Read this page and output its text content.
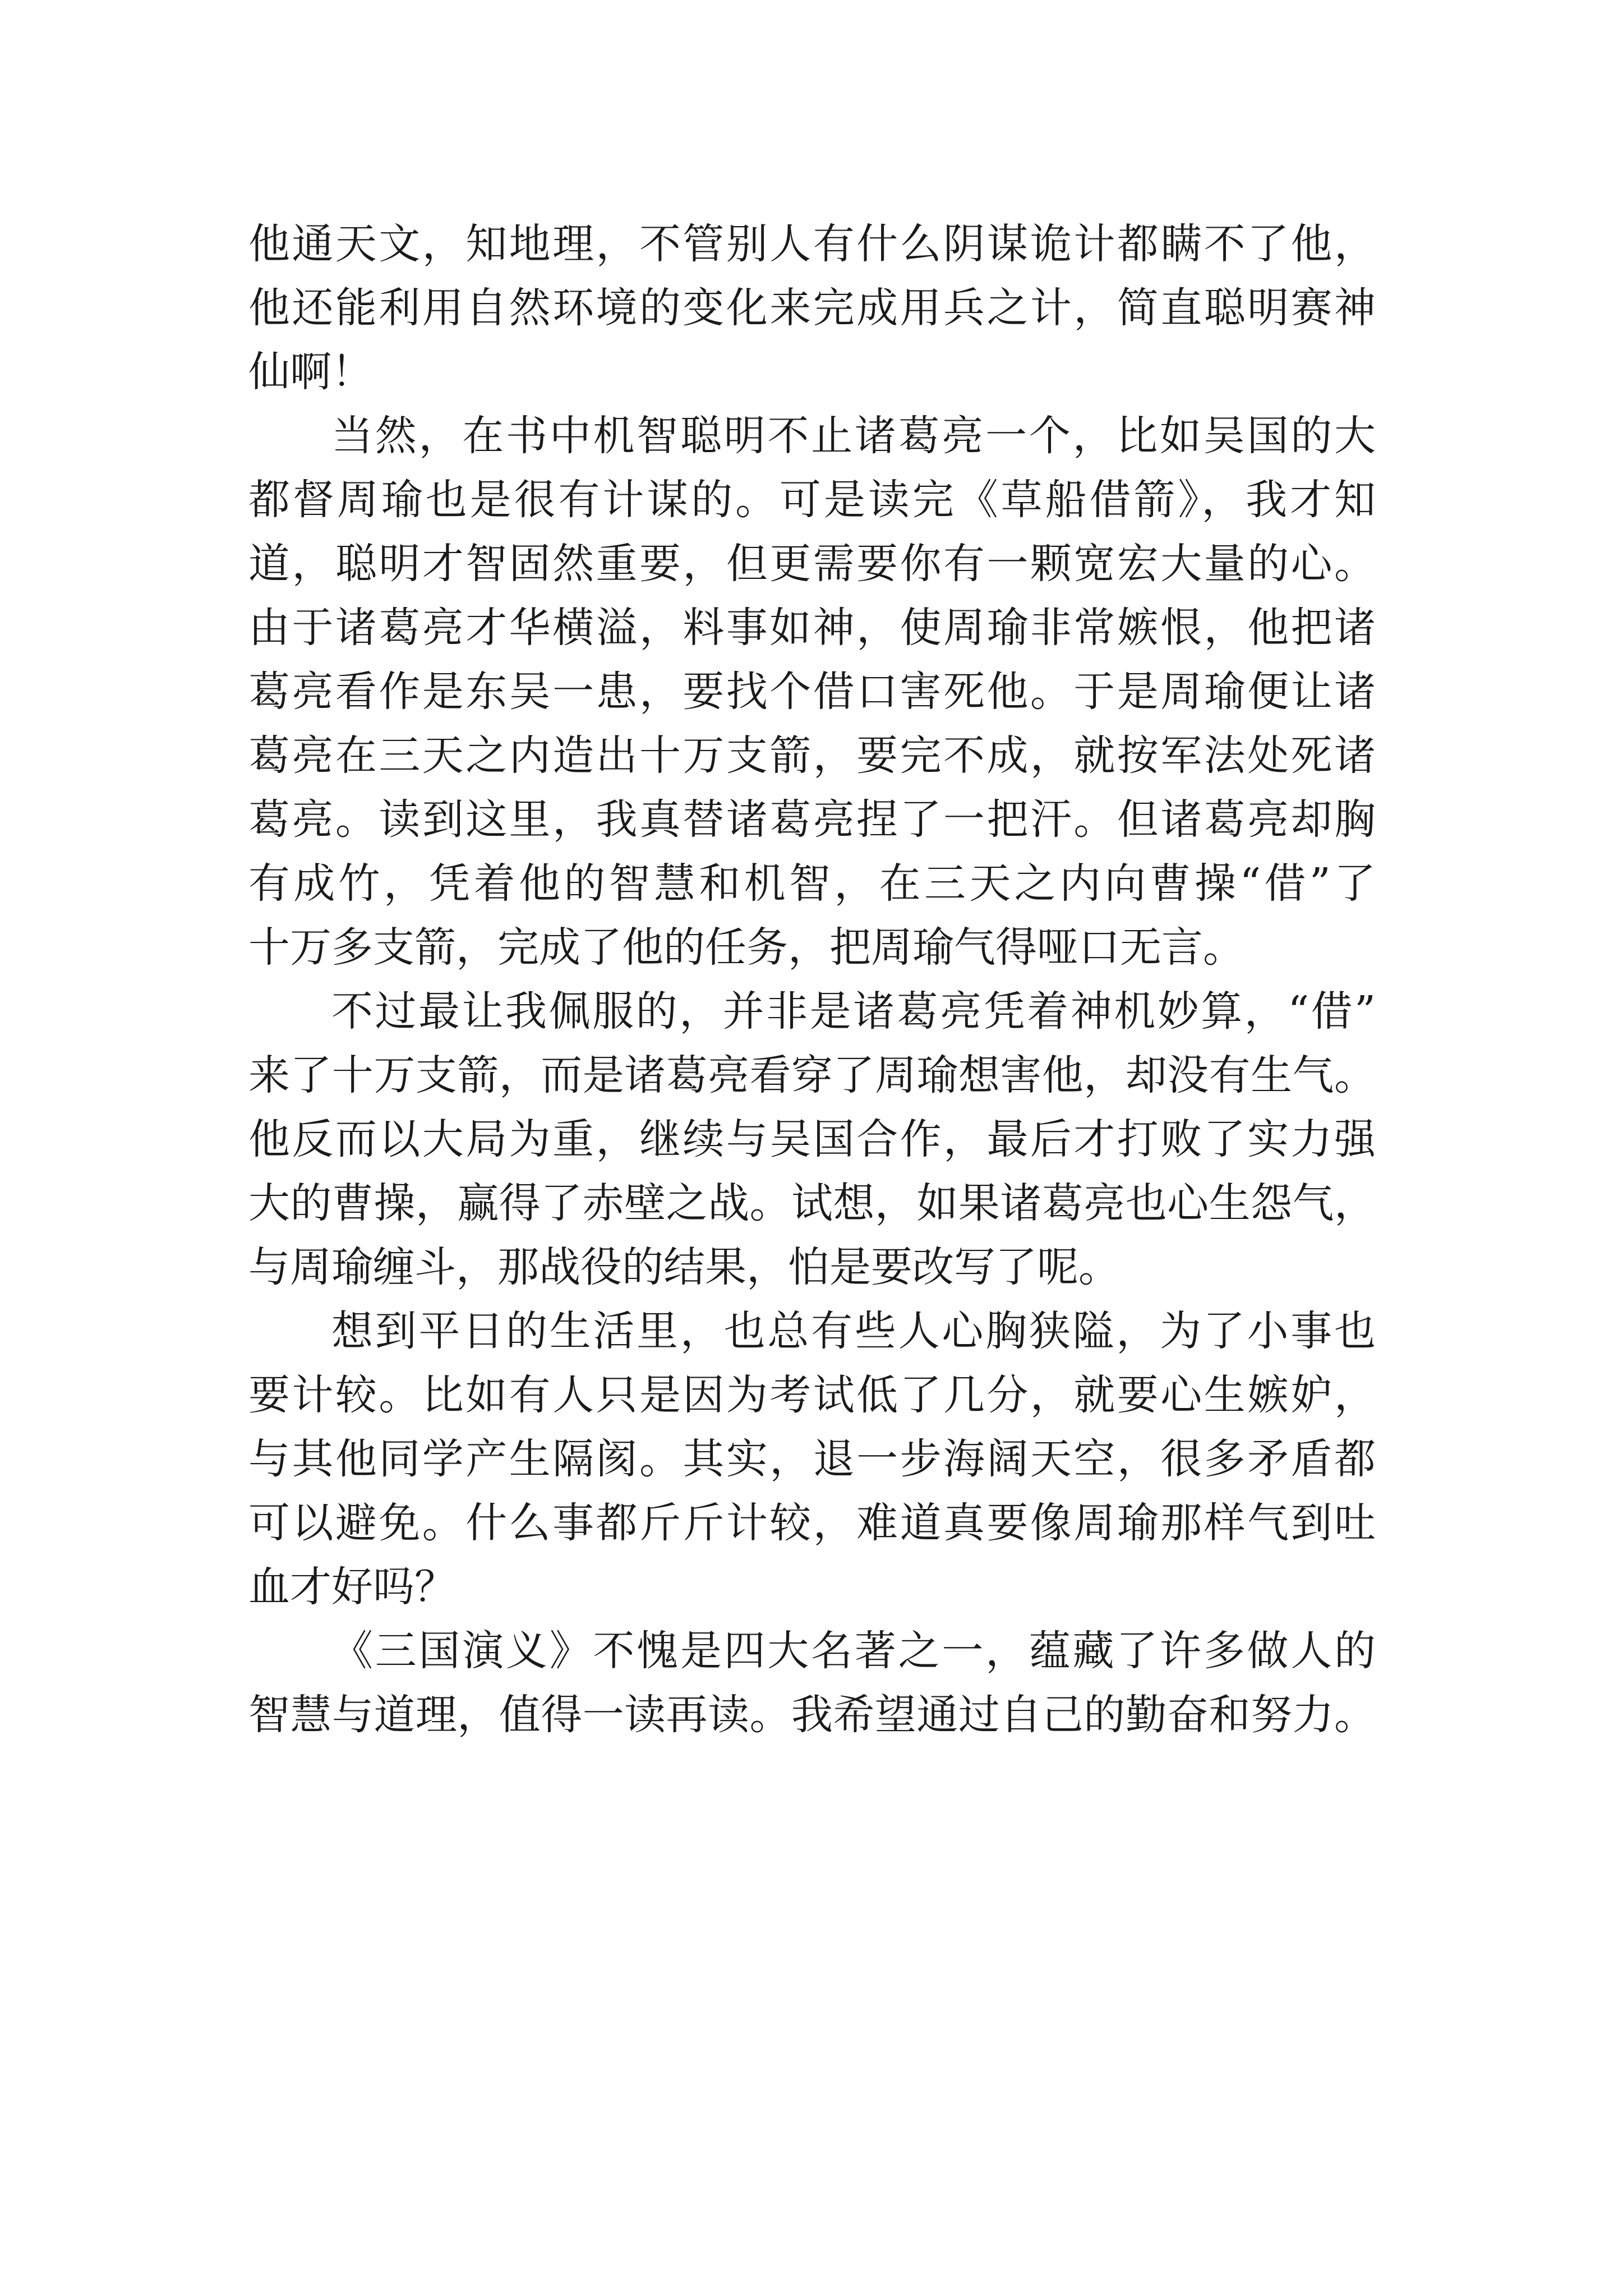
他通天文，知地理，不管别人有什么阴谋诡计都瞒不了他，
他还能利用自然环境的变化来完成用兵之计，简直聪明赛神
仙啊！
当然，在书中机智聪明不止诸葛亮一个，比如吴国的大
都督周瑜也是很有计谋的。可是读完《草船借箭》，我才知
道，聪明才智固然重要，但更需要你有一颗宽宏大量的心。
由于诸葛亮才华横溢，料事如神，使周瑜非常嫉恨，他把诸
葛亮看作是东吴一患，要找个借口害死他。于是周瑜便让诸
葛亮在三天之内造出十万支箭，要完不成，就按军法处死诸
葛亮。读到这里，我真替诸葛亮捏了一把汗。但诸葛亮却胸
有成竹，凭着他的智慧和机智，在三天之内向曹操“借”了
十万多支箭，完成了他的任务，把周瑜气得哑口无言。
不过最让我佩服的，并非是诸葛亮凭着神机妙算，“借”
来了十万支箭，而是诸葛亮看穿了周瑜想害他，却没有生气。
他反而以大局为重，继续与吴国合作，最后才打败了实力强
大的曹操，赢得了赤壁之战。试想，如果诸葛亮也心生怨气，
与周瑜缠斗，那战役的结果，怕是要改写了呢。
想到平日的生活里，也总有些人心胸狭隘，为了小事也
要计较。比如有人只是因为考试低了几分，就要心生嫉妒，
与其他同学产生隔阂。其实，退一步海阔天空，很多矛盾都
可以避免。什么事都斤斤计较，难道真要像周瑜那样气到吐
血才好吗？
《三国演义》不愧是四大名著之一，蕴藏了许多做人的
智慧与道理，值得一读再读。我希望通过自己的勤奋和努力。
